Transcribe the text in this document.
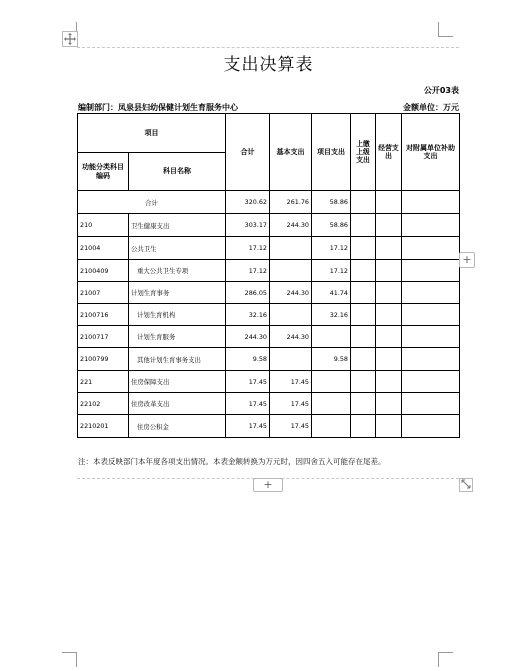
支出决算表
公开03表
编制部门：凤泉县妇幼保健计划生育服务中心	金额单位：万元
项目		合计	基本支出	项目支出	上缴上级支出	经营支出	对附属单位补助支出
功能分类科目编码	科目名称						
合计		320.62	261.76	58.86			
210	卫生健康支出	303.17	244.30	58.86			
21004	公共卫生	17.12		17.12			
2100409	重大公共卫生专项	17.12		17.12			
21007	计划生育事务	286.05	244.30	41.74			
2100716	计划生育机构	32.16		32.16			
2100717	计划生育服务	244.30	244.30				
2100799	其他计划生育事务支出	9.58		9.58			
221	住房保障支出	17.45	17.45				
22102	住房改革支出	17.45	17.45				
2210201	住房公积金	17.45	17.45				
注：本表反映部门本年度各项支出情况。本表金额转换为万元时，因四舍五入可能存在尾差。
+
+
